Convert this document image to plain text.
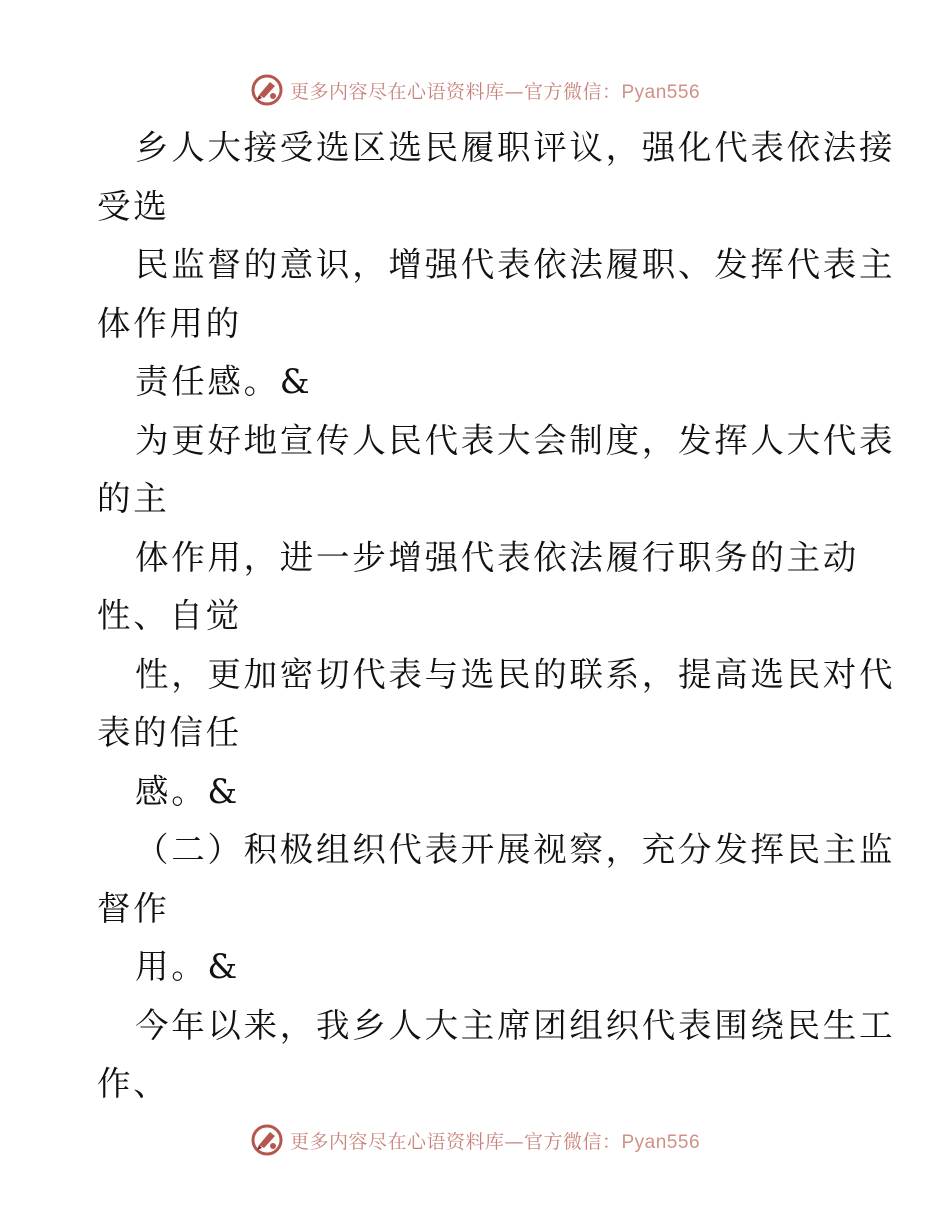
更多内容尽在心语资料库—官方微信：Pyan556
乡人大接受选区选民履职评议，强化代表依法接
受选
民监督的意识，增强代表依法履职、发挥代表主
体作用的
责任感。&
为更好地宣传人民代表大会制度，发挥人大代表
的主
体作用，进一步增强代表依法履行职务的主动
性、自觉
性，更加密切代表与选民的联系，提高选民对代
表的信任
感。&
（二）积极组织代表开展视察，充分发挥民主监
督作
用。&
今年以来，我乡人大主席团组织代表围绕民生工
作、
更多内容尽在心语资料库—官方微信：Pyan556
